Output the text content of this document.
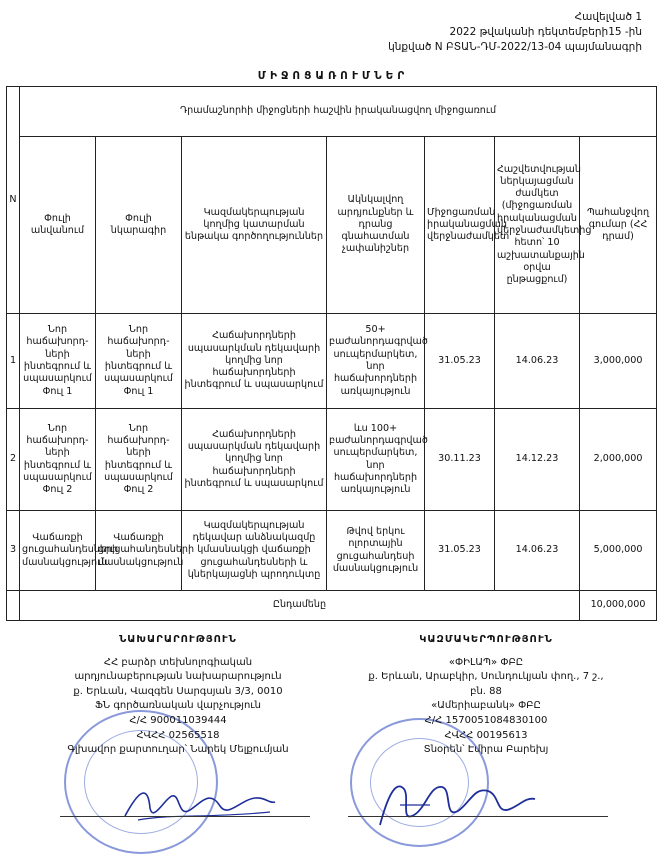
Հավելված 1
2022 թվականի դեկտեմբերի15 -ին
կնքված N ԲՏԱՆ-ԴՄ-2022/13-04 պայմանագրի
ՄԻՋՈՑԱՌՈՒՄՆԵՐ
N	Դրամաշնորհի միջոցների հաշվին իրականացվող միջոցառում						
	Փուլի անվանում	Փուլի նկարագիր	Կազմակերպության կողմից կատարման ենթակա գործողություններ	Ակնկալվող արդյունքներ և դրանց գնահատման չափանիշներ	Միջոցառման իրականացման վերջնաժամկետ	Հաշվետվության ներկայացման ժամկետ (միջոցառման իրականացման վերջնաժամկետից հետո՝ 10 աշխատանքային օրվա ընթացքում)	Պահանջվող գումար (ՀՀ դրամ)
1	Նոր հաճախորդ-ների ինտեգրում և սպասարկում Փուլ 1	Նոր հաճախորդ-ների ինտեգրում և սպասարկում Փուլ 1	Հաճախորդների սպասարկման դեկավարի կողմից նոր հաճախորդների ինտեգրում և սպասարկում	50+ բաժանորդագրված սուպերմարկետ, նոր հաճախորդների առկայություն	31.05.23	14.06.23	3,000,000
2	Նոր հաճախորդ-ների ինտեգրում և սպասարկում Փուլ 2	Նոր հաճախորդ-ների ինտեգրում և սպասարկում Փուլ 2	Հաճախորդների սպասարկման դեկավարի կողմից նոր հաճախորդների ինտեգրում և սպասարկում	ևս 100+ բաժանորդագրված սուպերմարկետ, նոր հաճախորդների առկայություն	30.11.23	14.12.23	2,000,000
3	Վաճառքի ցուցահանդեսների մասնակցություն	Վաճառքի ցուցահանդեսների մասնակցություն	Կազմակերպության դեկավար անձնակազմը կմասնակցի վաճառքի ցուցահանդեսների և կներկայացնի պրոդուկտը	Թվով երկու ոլորտային ցուցահանդեսի մասնակցություն	31.05.23	14.06.23	5,000,000
	Ընդամենը						10,000,000
ՆԱԽԱՐԱՐՈՒԹՅՈՒՆ
ՀՀ բարձր տեխնոլոգիական
արդյունաբերության նախարարություն
ք. Երևան, Վազգեն Սարգսյան 3/3, 0010
ՖՆ գործառնական վարչություն
Հ/Հ 900011039444
ՀՎՀՀ 02565518
Գլխավոր քարտուղար՝ Նարեկ Մելքումյան
ԿԱԶՄԱԿԵՐՊՈՒԹՅՈՒՆ
«ՓԻԼԱՊ» ՓԲԸ
ք. Երևան, Արաբկիր, Սունդուկյան փող., 7 շ.,
բն. 88
«Ամերիաբանկ» ՓԲԸ
Հ/Հ 1570051084830100
ՀՎՀՀ 00195613
Տնօրեն՝ Էմիրա Բարեխյ
